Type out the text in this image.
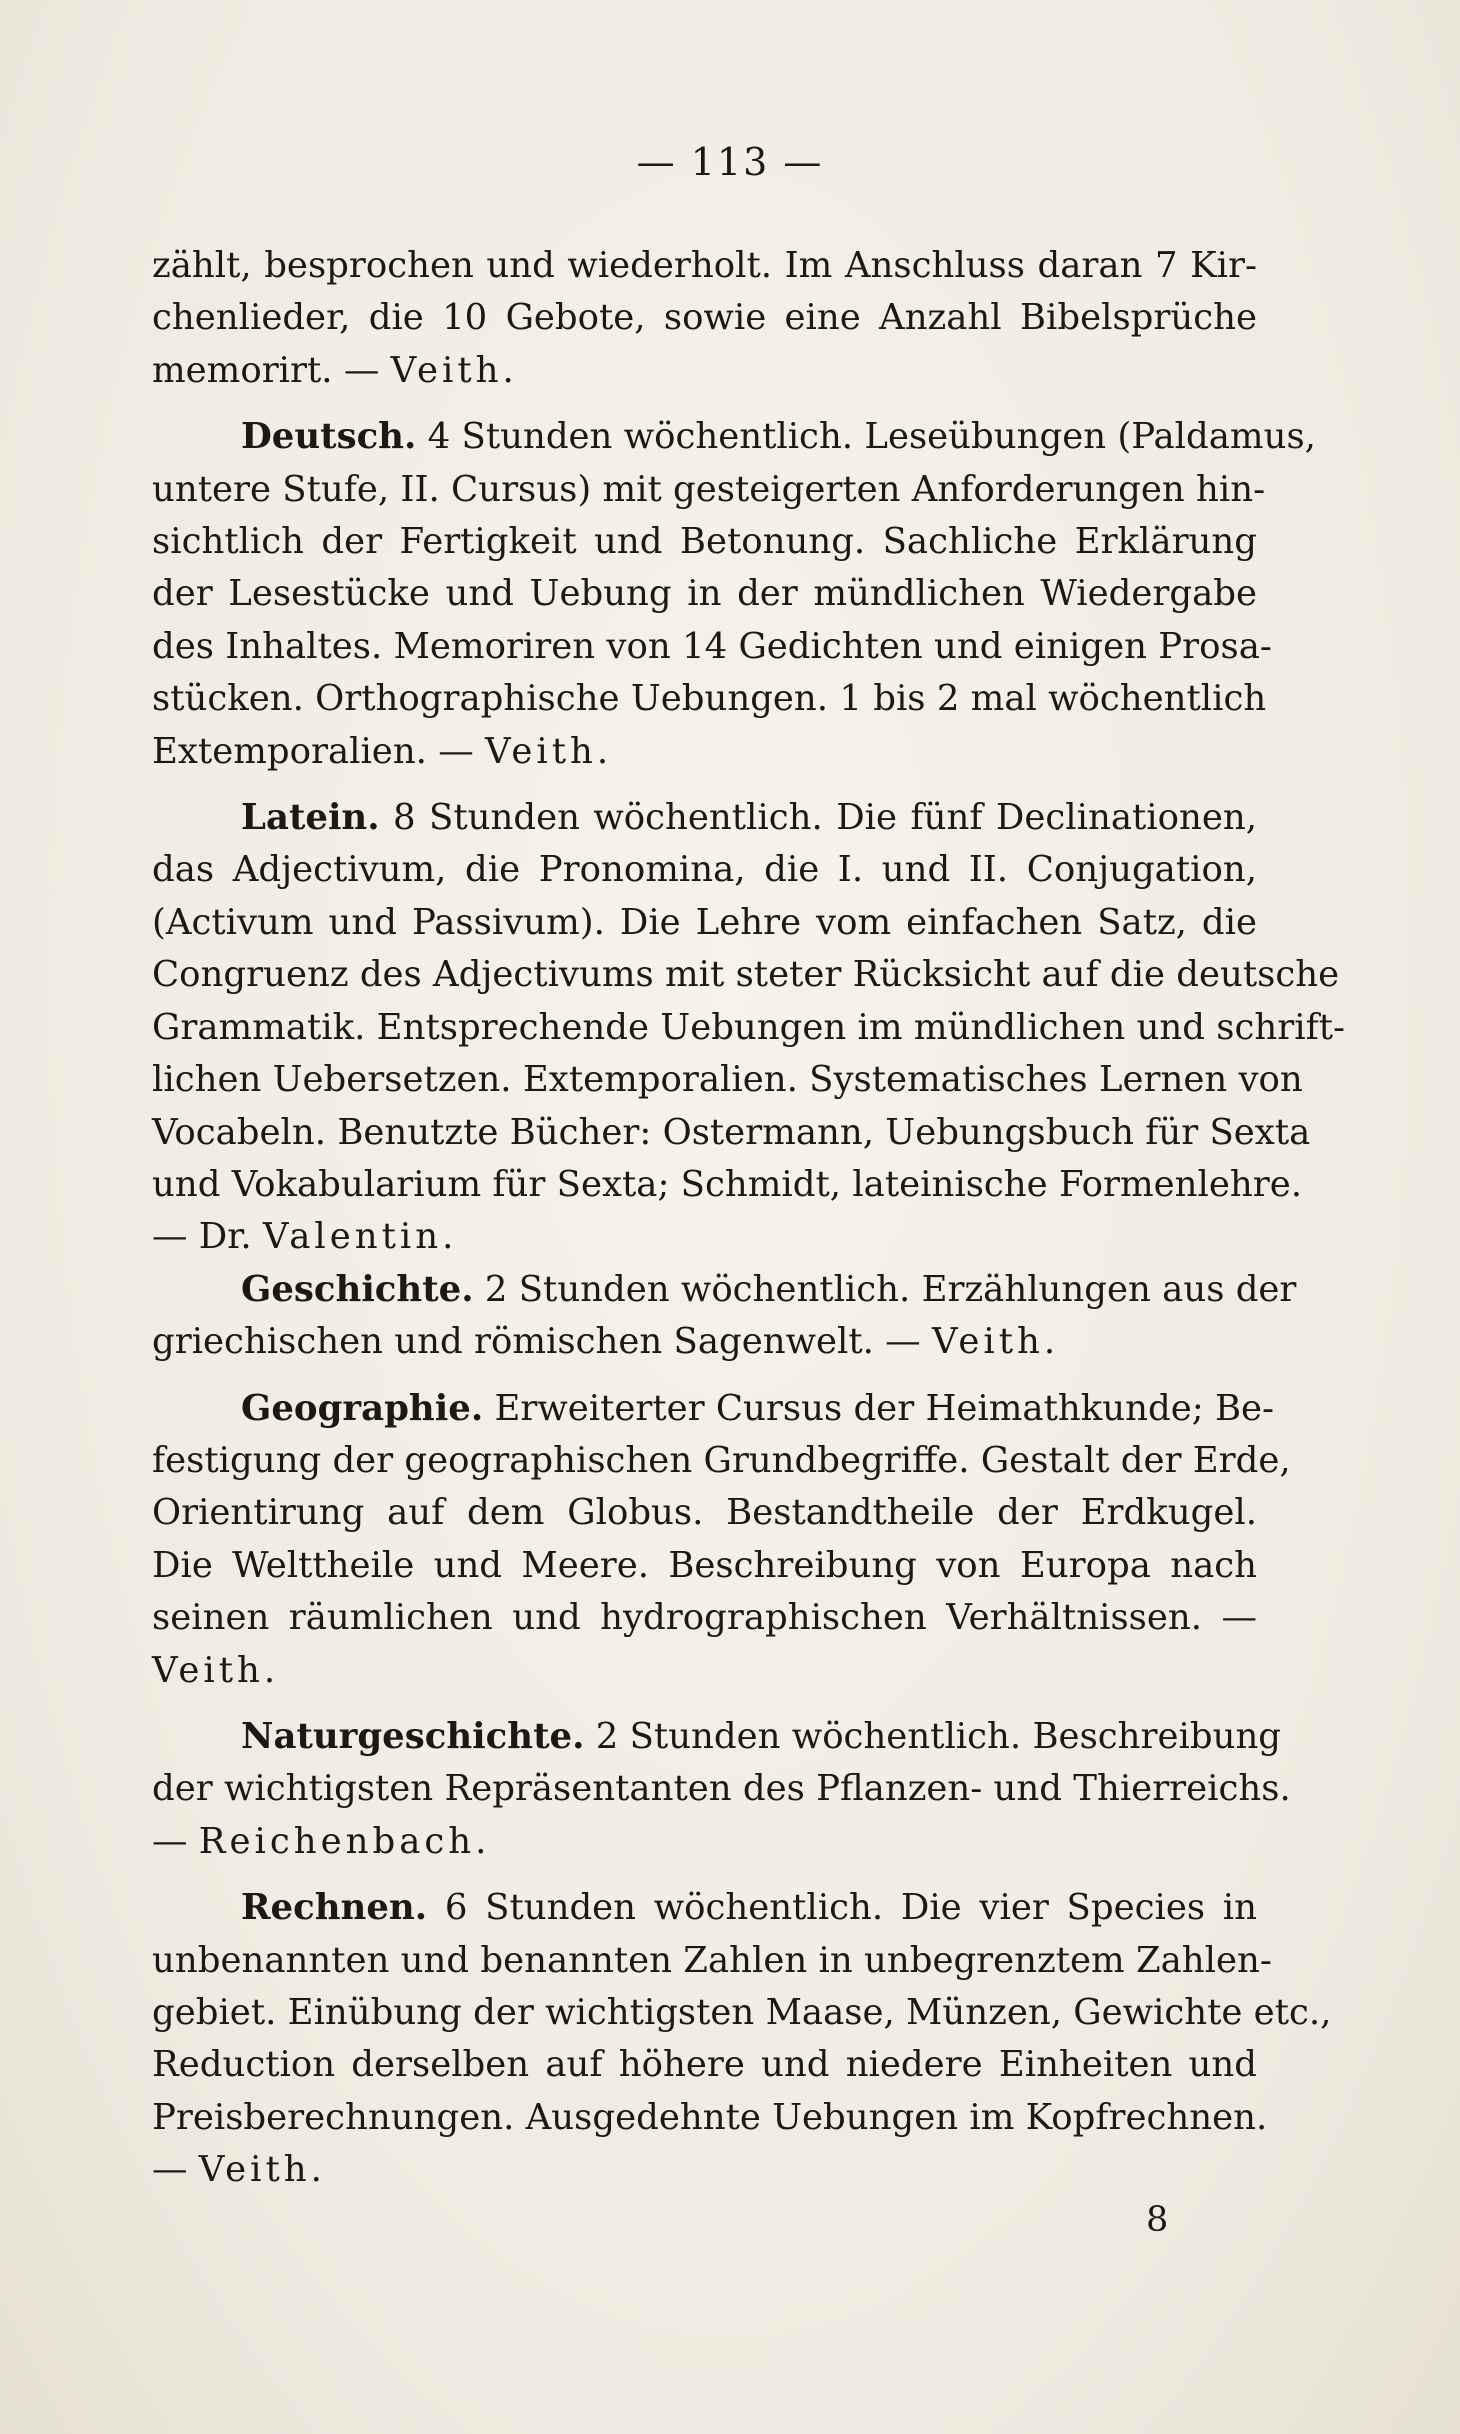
— 113 —
zählt, besprochen und wiederholt. Im Anschluss daran 7 Kir-
chenlieder, die 10 Gebote, sowie eine Anzahl Bibelsprüche
memorirt. — Veith.
Deutsch. 4 Stunden wöchentlich. Leseübungen (Paldamus,
untere Stufe, II. Cursus) mit gesteigerten Anforderungen hin-
sichtlich der Fertigkeit und Betonung. Sachliche Erklärung
der Lesestücke und Uebung in der mündlichen Wiedergabe
des Inhaltes. Memoriren von 14 Gedichten und einigen Prosa-
stücken. Orthographische Uebungen. 1 bis 2 mal wöchentlich
Extemporalien. — Veith.
Latein. 8 Stunden wöchentlich. Die fünf Declinationen,
das Adjectivum, die Pronomina, die I. und II. Conjugation,
(Activum und Passivum). Die Lehre vom einfachen Satz, die
Congruenz des Adjectivums mit steter Rücksicht auf die deutsche
Grammatik. Entsprechende Uebungen im mündlichen und schrift-
lichen Uebersetzen. Extemporalien. Systematisches Lernen von
Vocabeln. Benutzte Bücher: Ostermann, Uebungsbuch für Sexta
und Vokabularium für Sexta; Schmidt, lateinische Formenlehre.
— Dr. Valentin.
Geschichte. 2 Stunden wöchentlich. Erzählungen aus der
griechischen und römischen Sagenwelt. — Veith.
Geographie. Erweiterter Cursus der Heimathkunde; Be-
festigung der geographischen Grundbegriffe. Gestalt der Erde,
Orientirung auf dem Globus. Bestandtheile der Erdkugel.
Die Welttheile und Meere. Beschreibung von Europa nach
seinen räumlichen und hydrographischen Verhältnissen. —
Veith.
Naturgeschichte. 2 Stunden wöchentlich. Beschreibung
der wichtigsten Repräsentanten des Pflanzen- und Thierreichs.
— Reichenbach.
Rechnen. 6 Stunden wöchentlich. Die vier Species in
unbenannten und benannten Zahlen in unbegrenztem Zahlen-
gebiet. Einübung der wichtigsten Maase, Münzen, Gewichte etc.,
Reduction derselben auf höhere und niedere Einheiten und
Preisberechnungen. Ausgedehnte Uebungen im Kopfrechnen.
— Veith.
8
